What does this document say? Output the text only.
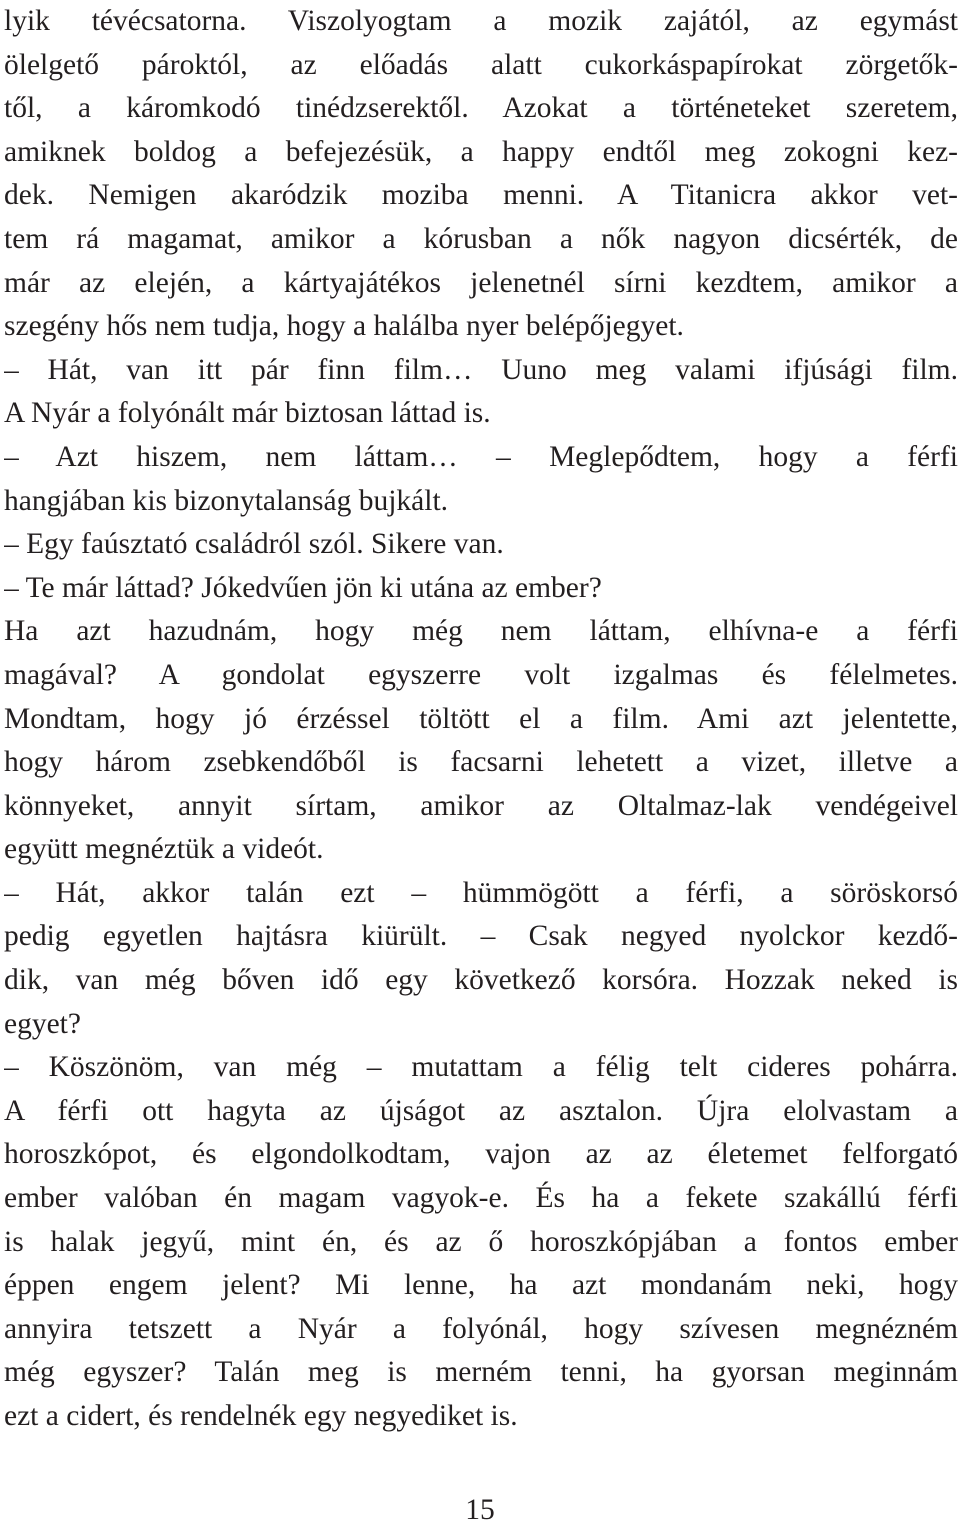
lyik tévécsatorna. Viszolyogtam a mozik zajától, az egymást
ölelgető pároktól, az előadás alatt cukorkáspapírokat zörgetők-
től, a káromkodó tinédzserektől. Azokat a történeteket szeretem,
amiknek boldog a befejezésük, a happy endtől meg zokogni kez-
dek. Nemigen akaródzik moziba menni. A Titanicra akkor vet-
tem rá magamat, amikor a kórusban a nők nagyon dicsérték, de
már az elején, a kártyajátékos jelenetnél sírni kezdtem, amikor a
szegény hős nem tudja, hogy a halálba nyer belépőjegyet.
– Hát, van itt pár finn film… Uuno meg valami ifjúsági film.
A Nyár a folyónált már biztosan láttad is.
– Azt hiszem, nem láttam… – Meglepődtem, hogy a férfi
hangjában kis bizonytalanság bujkált.
– Egy faúsztató családról szól. Sikere van.
– Te már láttad? Jókedvűen jön ki utána az ember?
Ha azt hazudnám, hogy még nem láttam, elhívna-e a férfi
magával? A gondolat egyszerre volt izgalmas és félelmetes.
Mondtam, hogy jó érzéssel töltött el a film. Ami azt jelentette,
hogy három zsebkendőből is facsarni lehetett a vizet, illetve a
könnyeket, annyit sírtam, amikor az Oltalmaz-lak vendégeivel
együtt megnéztük a videót.
– Hát, akkor talán ezt – hümmögött a férfi, a söröskorsó
pedig egyetlen hajtásra kiürült. – Csak negyed nyolckor kezdő-
dik, van még bőven idő egy következő korsóra. Hozzak neked is
egyet?
– Köszönöm, van még – mutattam a félig telt cideres pohárra.
A férfi ott hagyta az újságot az asztalon. Újra elolvastam a
horoszkópot, és elgondolkodtam, vajon az az életemet felforgató
ember valóban én magam vagyok-e. És ha a fekete szakállú férfi
is halak jegyű, mint én, és az ő horoszkópjában a fontos ember
éppen engem jelent? Mi lenne, ha azt mondanám neki, hogy
annyira tetszett a Nyár a folyónál, hogy szívesen megnézném
még egyszer? Talán meg is merném tenni, ha gyorsan meginnám
ezt a cidert, és rendelnék egy negyediket is.
15
